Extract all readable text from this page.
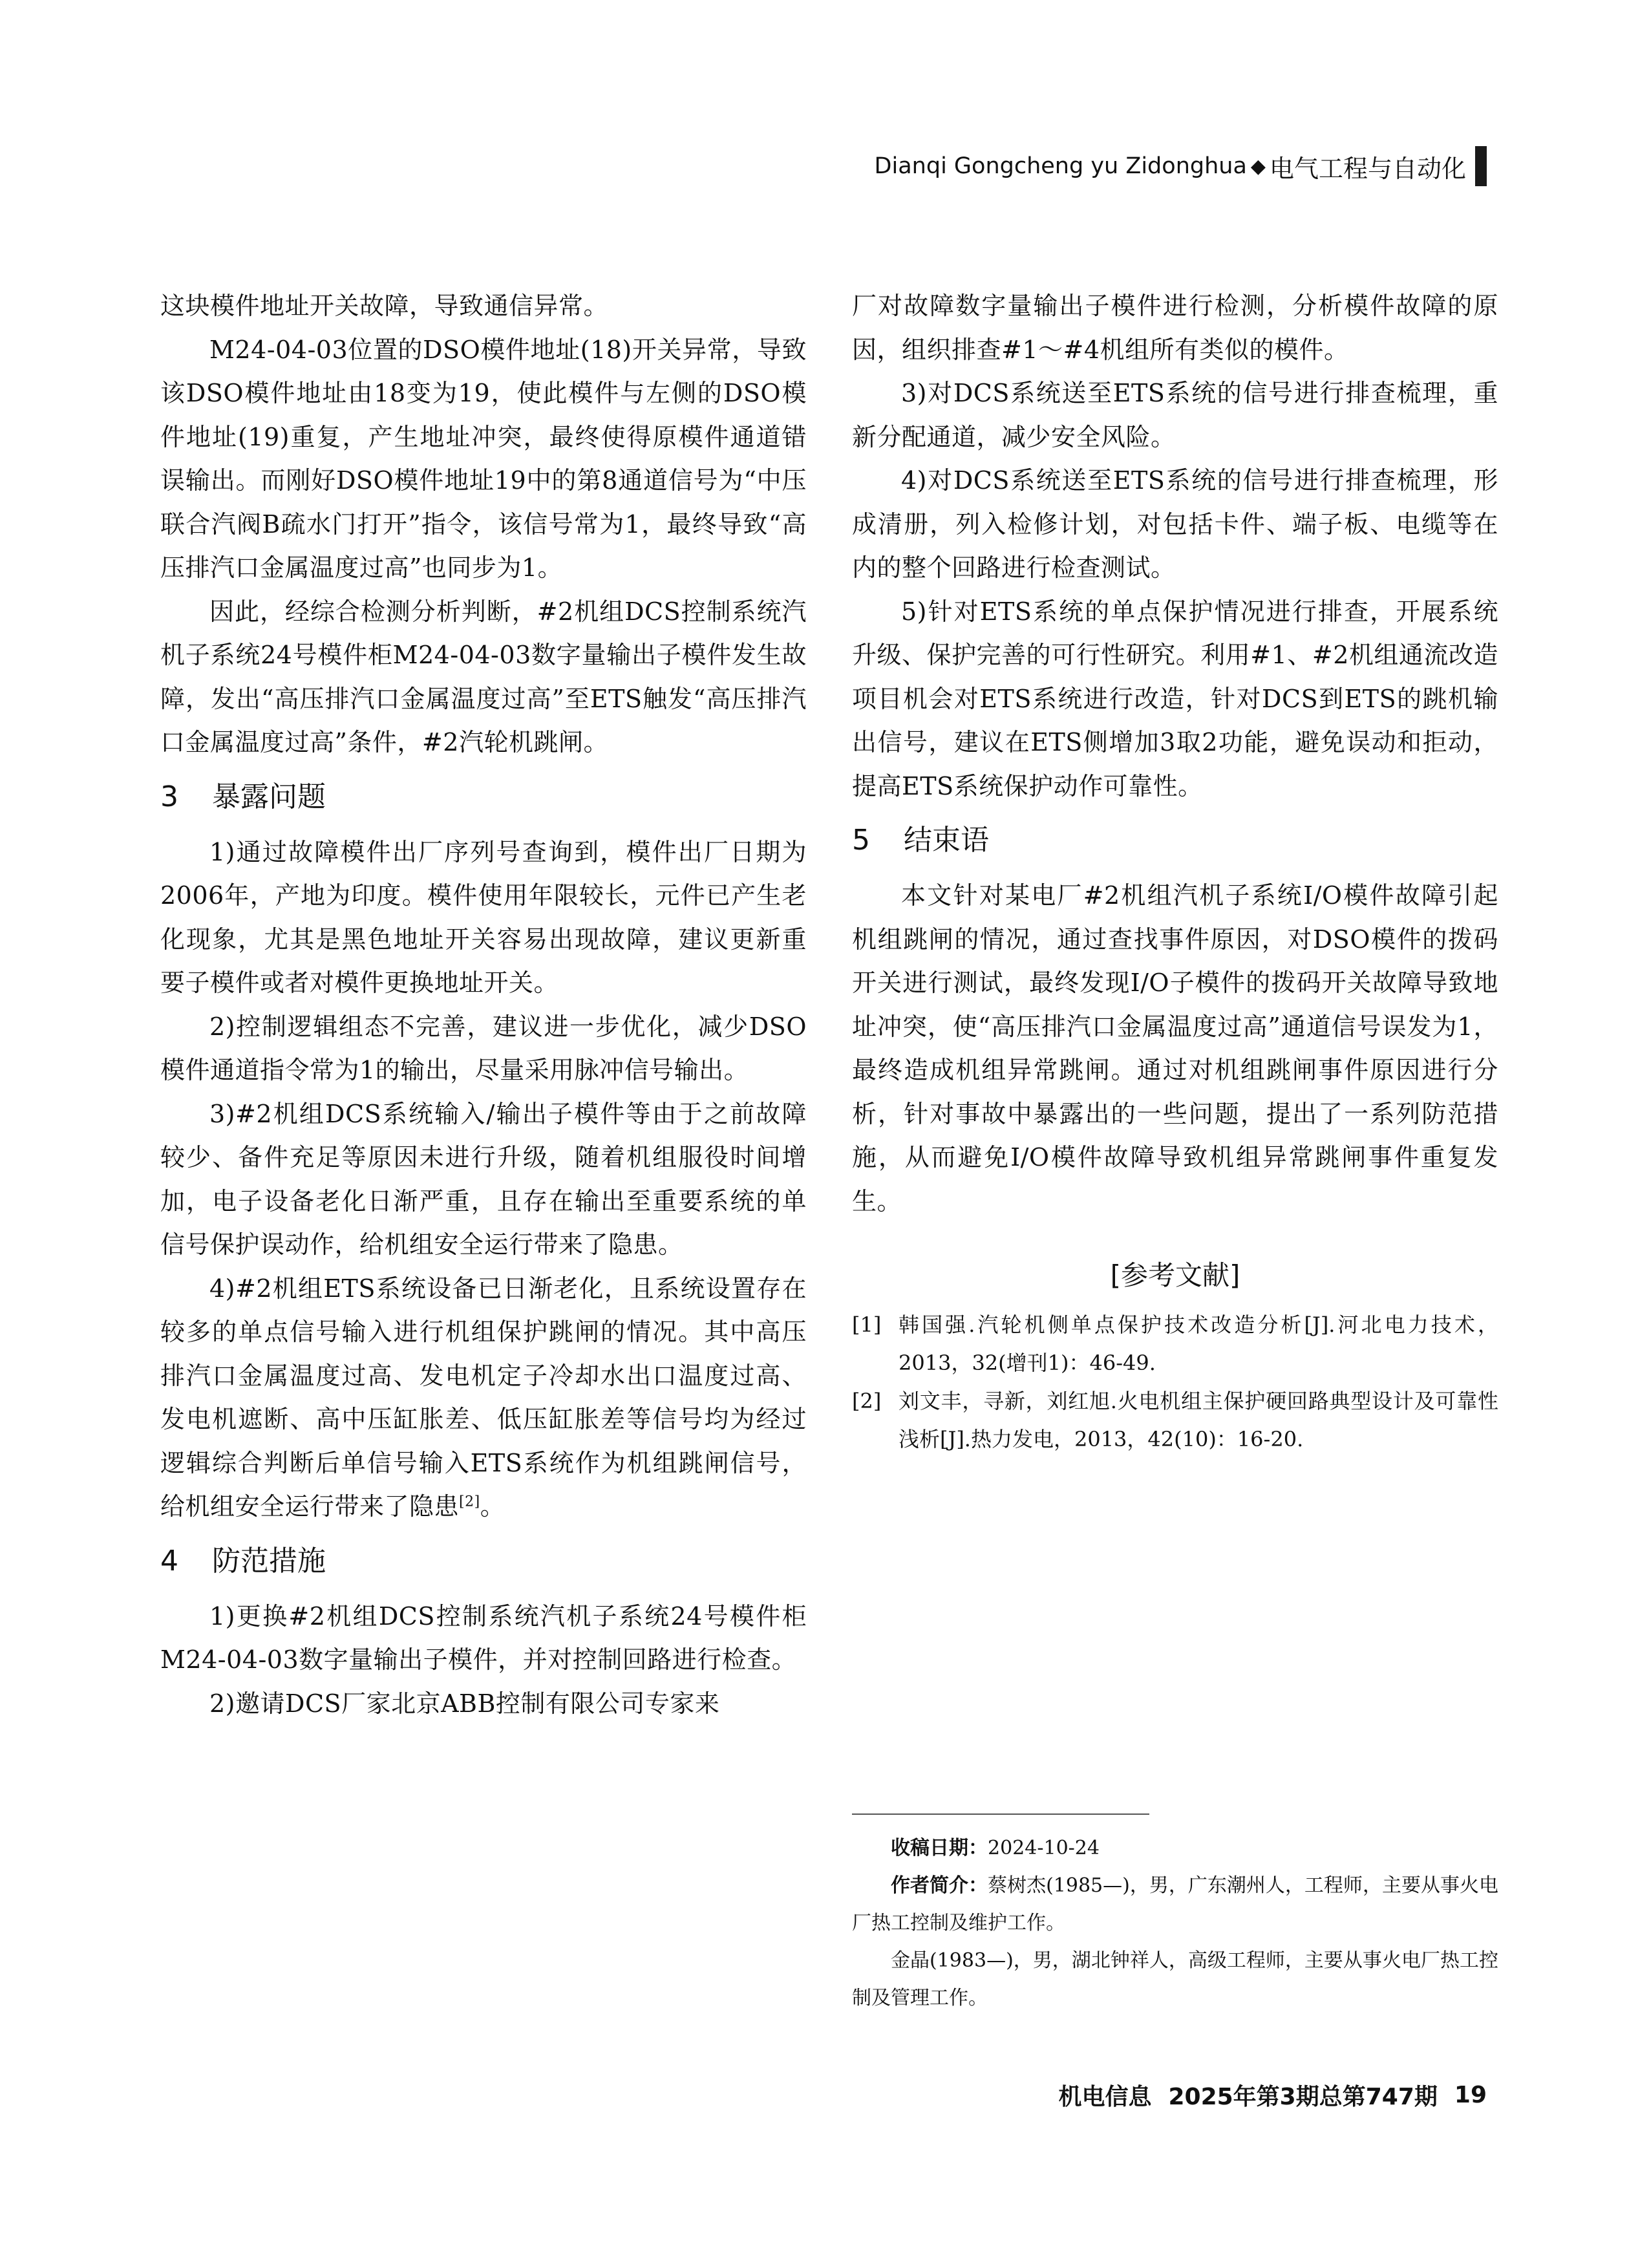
Dianqi Gongcheng yu Zidonghua ◆ 电气工程与自动化

这块模件地址开关故障，导致通信异常。

M24-04-03位置的DSO模件地址(18)开关异常，导致该DSO模件地址由18变为19，使此模件与左侧的DSO模件地址(19)重复，产生地址冲突，最终使得原模件通道错误输出。而刚好DSO模件地址19中的第8通道信号为“中压联合汽阀B疏水门打开”指令，该信号常为1，最终导致“高压排汽口金属温度过高”也同步为1。

因此，经综合检测分析判断，#2机组DCS控制系统汽机子系统24号模件柜M24-04-03数字量输出子模件发生故障，发出“高压排汽口金属温度过高”至ETS触发“高压排汽口金属温度过高”条件，#2汽轮机跳闸。

3 暴露问题

1)通过故障模件出厂序列号查询到，模件出厂日期为2006年，产地为印度。模件使用年限较长，元件已产生老化现象，尤其是黑色地址开关容易出现故障，建议更新重要子模件或者对模件更换地址开关。

2)控制逻辑组态不完善，建议进一步优化，减少DSO模件通道指令常为1的输出，尽量采用脉冲信号输出。

3)#2机组DCS系统输入/输出子模件等由于之前故障较少、备件充足等原因未进行升级，随着机组服役时间增加，电子设备老化日渐严重，且存在输出至重要系统的单信号保护误动作，给机组安全运行带来了隐患。

4)#2机组ETS系统设备已日渐老化，且系统设置存在较多的单点信号输入进行机组保护跳闸的情况。其中高压排汽口金属温度过高、发电机定子冷却水出口温度过高、发电机遮断、高中压缸胀差、低压缸胀差等信号均为经过逻辑综合判断后单信号输入ETS系统作为机组跳闸信号，给机组安全运行带来了隐患[2]。

4 防范措施

1)更换#2机组DCS控制系统汽机子系统24号模件柜M24-04-03数字量输出子模件，并对控制回路进行检查。

2)邀请DCS厂家北京ABB控制有限公司专家来

厂对故障数字量输出子模件进行检测，分析模件故障的原因，组织排查#1～#4机组所有类似的模件。

3)对DCS系统送至ETS系统的信号进行排查梳理，重新分配通道，减少安全风险。

4)对DCS系统送至ETS系统的信号进行排查梳理，形成清册，列入检修计划，对包括卡件、端子板、电缆等在内的整个回路进行检查测试。

5)针对ETS系统的单点保护情况进行排查，开展系统升级、保护完善的可行性研究。利用#1、#2机组通流改造项目机会对ETS系统进行改造，针对DCS到ETS的跳机输出信号，建议在ETS侧增加3取2功能，避免误动和拒动，提高ETS系统保护动作可靠性。

5 结束语

本文针对某电厂#2机组汽机子系统I/O模件故障引起机组跳闸的情况，通过查找事件原因，对DSO模件的拨码开关进行测试，最终发现I/O子模件的拨码开关故障导致地址冲突，使“高压排汽口金属温度过高”通道信号误发为1，最终造成机组异常跳闸。通过对机组跳闸事件原因进行分析，针对事故中暴露出的一些问题，提出了一系列防范措施，从而避免I/O模件故障导致机组异常跳闸事件重复发生。

[参考文献]
[1] 韩国强.汽轮机侧单点保护技术改造分析[J].河北电力技术，2013，32(增刊1)：46-49.
[2] 刘文丰，寻新，刘红旭.火电机组主保护硬回路典型设计及可靠性浅析[J].热力发电，2013，42(10)：16-20.

收稿日期：2024-10-24

作者简介：蔡树杰(1985—)，男，广东潮州人，工程师，主要从事火电厂热工控制及维护工作。

金晶(1983—)，男，湖北钟祥人，高级工程师，主要从事火电厂热工控制及管理工作。

机电信息 2025年第3期总第747期 19
